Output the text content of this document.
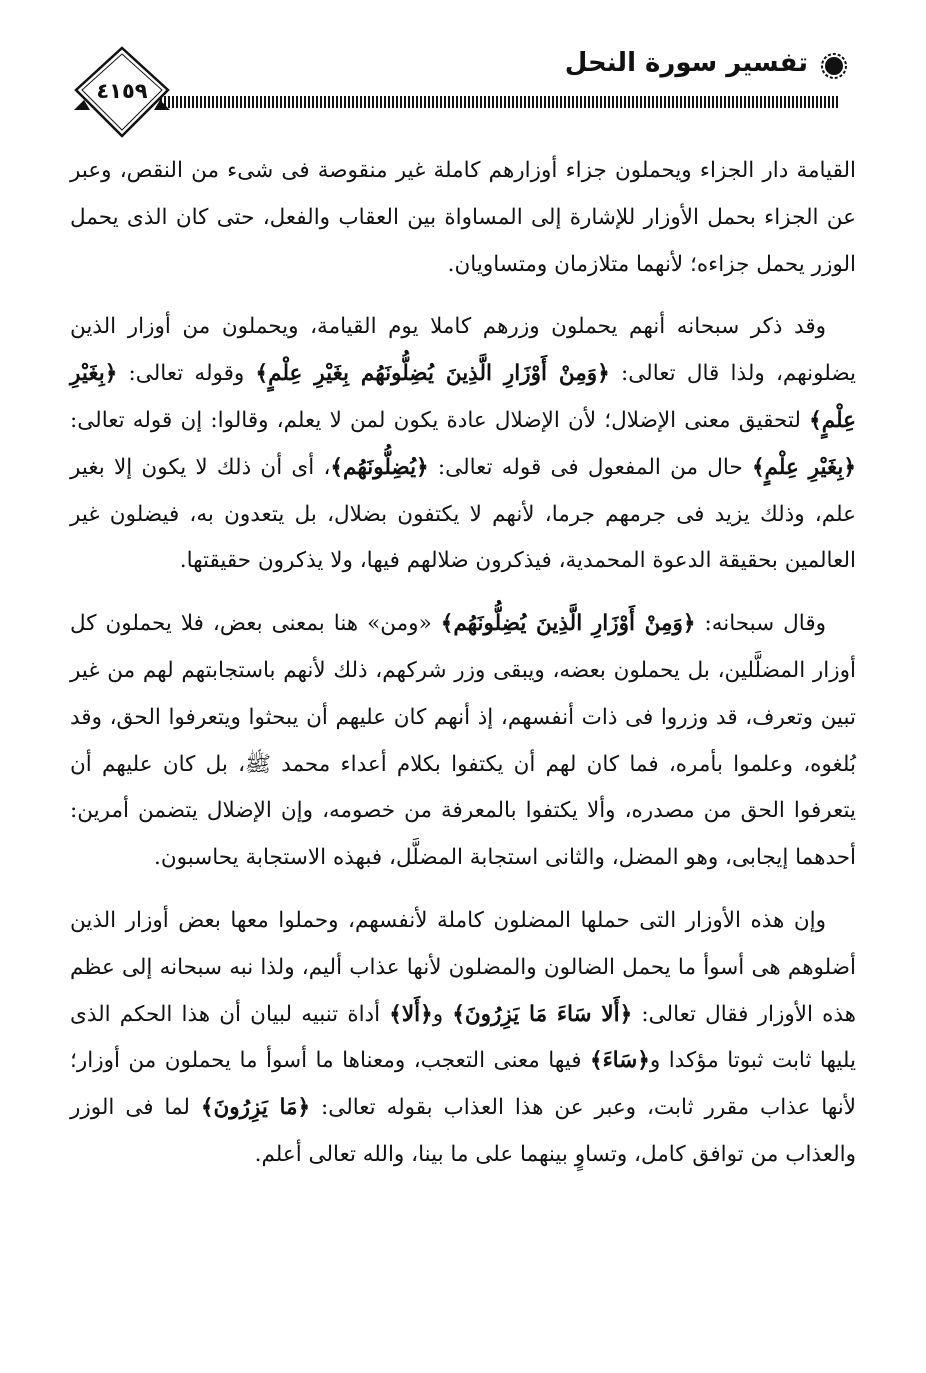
تفسير سورة النحل
٤١٥٩

القيامة دار الجزاء ويحملون جزاء أوزارهم كاملة غير منقوصة فى شىء من النقص، وعبر عن الجزاء بحمل الأوزار للإشارة إلى المساواة بين العقاب والفعل، حتى كان الذى يحمل الوزر يحمل جزاءه؛ لأنهما متلازمان ومتساويان.

وقد ذكر سبحانه أنهم يحملون وزرهم كاملا يوم القيامة، ويحملون من أوزار الذين يضلونهم، ولذا قال تعالى: ﴿وَمِنْ أَوْزَارِ الَّذِينَ يُضِلُّونَهُم بِغَيْرِ عِلْمٍ﴾ وقوله تعالى: ﴿بِغَيْرِ عِلْمٍ﴾ لتحقيق معنى الإضلال؛ لأن الإضلال عادة يكون لمن لا يعلم، وقالوا: إن قوله تعالى: ﴿بِغَيْرِ عِلْمٍ﴾ حال من المفعول فى قوله تعالى: ﴿يُضِلُّونَهُم﴾، أى أن ذلك لا يكون إلا بغير علم، وذلك يزيد فى جرمهم جرما، لأنهم لا يكتفون بضلال، بل يتعدون به، فيضلون غير العالمين بحقيقة الدعوة المحمدية، فيذكرون ضلالهم فيها، ولا يذكرون حقيقتها.

وقال سبحانه: ﴿وَمِنْ أَوْزَارِ الَّذِينَ يُضِلُّونَهُم﴾ «ومن» هنا بمعنى بعض، فلا يحملون كل أوزار المضلَّلين، بل يحملون بعضه، ويبقى وزر شركهم، ذلك لأنهم باستجابتهم لهم من غير تبين وتعرف، قد وزروا فى ذات أنفسهم، إذ أنهم كان عليهم أن يبحثوا ويتعرفوا الحق، وقد بُلغوه، وعلموا بأمره، فما كان لهم أن يكتفوا بكلام أعداء محمد ﷺ، بل كان عليهم أن يتعرفوا الحق من مصدره، وألا يكتفوا بالمعرفة من خصومه، وإن الإضلال يتضمن أمرين: أحدهما إيجابى، وهو المضل، والثانى استجابة المضلَّل، فبهذه الاستجابة يحاسبون.

وإن هذه الأوزار التى حملها المضلون كاملة لأنفسهم، وحملوا معها بعض أوزار الذين أضلوهم هى أسوأ ما يحمل الضالون والمضلون لأنها عذاب أليم، ولذا نبه سبحانه إلى عظم هذه الأوزار فقال تعالى: ﴿أَلا سَاءَ مَا يَزِرُونَ﴾ و﴿أَلا﴾ أداة تنبيه لبيان أن هذا الحكم الذى يليها ثابت ثبوتا مؤكدا و﴿سَاءَ﴾ فيها معنى التعجب، ومعناها ما أسوأ ما يحملون من أوزار؛ لأنها عذاب مقرر ثابت، وعبر عن هذا العذاب بقوله تعالى: ﴿مَا يَزِرُونَ﴾ لما فى الوزر والعذاب من توافق كامل، وتساوٍ بينهما على ما بينا، والله تعالى أعلم.
